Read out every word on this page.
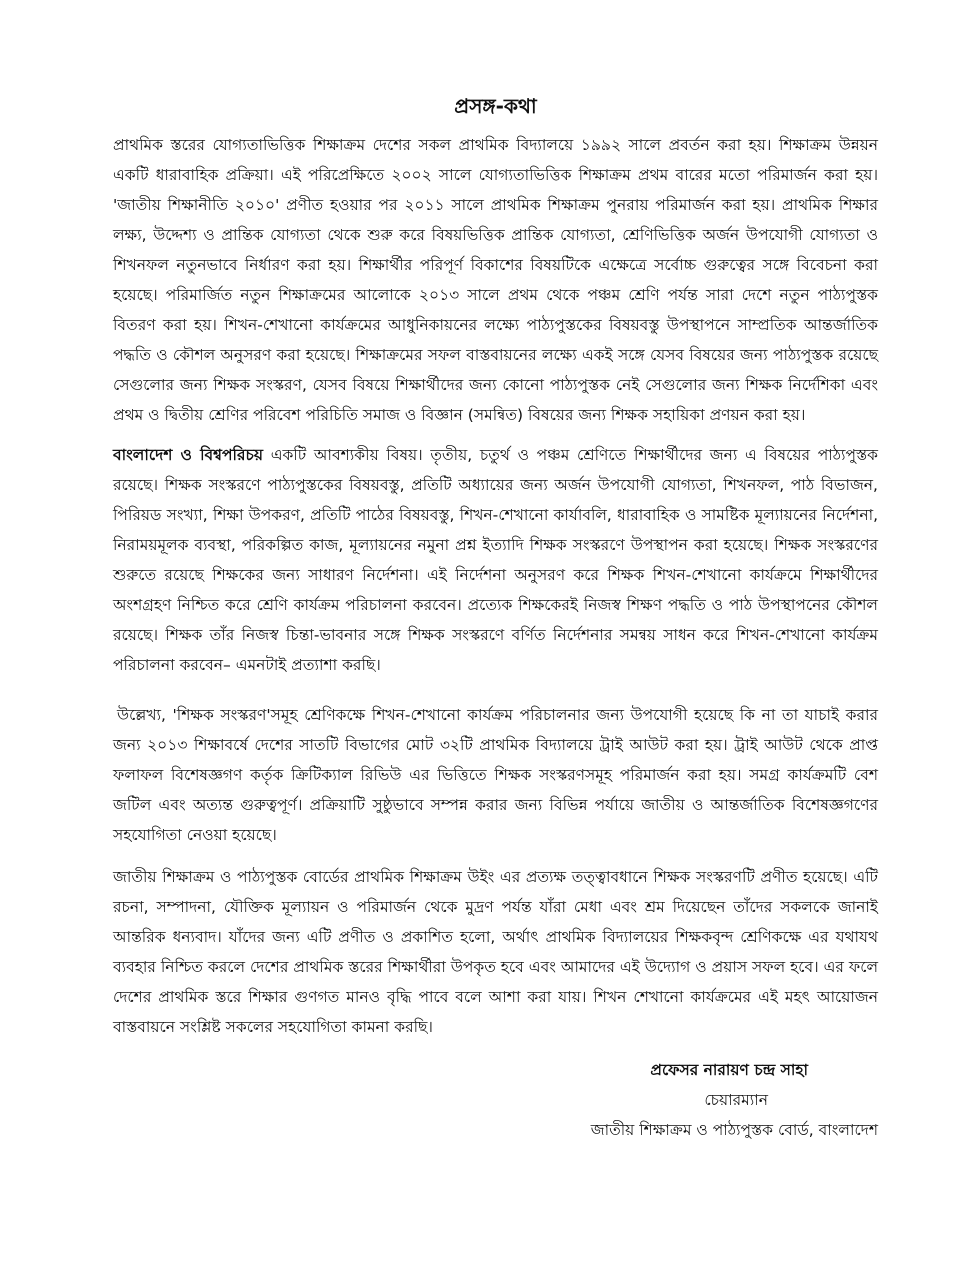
প্রসঙ্গ-কথা

প্রাথমিক স্তরের যোগ্যতাভিত্তিক শিক্ষাক্রম দেশের সকল প্রাথমিক বিদ্যালয়ে ১৯৯২ সালে প্রবর্তন করা হয়। শিক্ষাক্রম উন্নয়ন একটি ধারাবাহিক প্রক্রিয়া। এই পরিপ্রেক্ষিতে ২০০২ সালে যোগ্যতাভিত্তিক শিক্ষাক্রম প্রথম বারের মতো পরিমার্জন করা হয়। 'জাতীয় শিক্ষানীতি ২০১০' প্রণীত হওয়ার পর ২০১১ সালে প্রাথমিক শিক্ষাক্রম পুনরায় পরিমার্জন করা হয়। প্রাথমিক শিক্ষার লক্ষ্য, উদ্দেশ্য ও প্রান্তিক যোগ্যতা থেকে শুরু করে বিষয়ভিত্তিক প্রান্তিক যোগ্যতা, শ্রেণিভিত্তিক অর্জন উপযোগী যোগ্যতা ও শিখনফল নতুনভাবে নির্ধারণ করা হয়। শিক্ষার্থীর পরিপূর্ণ বিকাশের বিষয়টিকে এক্ষেত্রে সর্বোচ্চ গুরুত্বের সঙ্গে বিবেচনা করা হয়েছে। পরিমার্জিত নতুন শিক্ষাক্রমের আলোকে ২০১৩ সালে প্রথম থেকে পঞ্চম শ্রেণি পর্যন্ত সারা দেশে নতুন পাঠ্যপুস্তক বিতরণ করা হয়। শিখন-শেখানো কার্যক্রমের আধুনিকায়নের লক্ষ্যে পাঠ্যপুস্তকের বিষয়বস্তু উপস্থাপনে সাম্প্রতিক আন্তর্জাতিক পদ্ধতি ও কৌশল অনুসরণ করা হয়েছে। শিক্ষাক্রমের সফল বাস্তবায়নের লক্ষ্যে একই সঙ্গে যেসব বিষয়ের জন্য পাঠ্যপুস্তক রয়েছে সেগুলোর জন্য শিক্ষক সংস্করণ, যেসব বিষয়ে শিক্ষার্থীদের জন্য কোনো পাঠ্যপুস্তক নেই সেগুলোর জন্য শিক্ষক নির্দেশিকা এবং প্রথম ও দ্বিতীয় শ্রেণির পরিবেশ পরিচিতি সমাজ ও বিজ্ঞান (সমন্বিত) বিষয়ের জন্য শিক্ষক সহায়িকা প্রণয়ন করা হয়।

বাংলাদেশ ও বিশ্বপরিচয় একটি আবশ্যকীয় বিষয়। তৃতীয়, চতুর্থ ও পঞ্চম শ্রেণিতে শিক্ষার্থীদের জন্য এ বিষয়ের পাঠ্যপুস্তক রয়েছে। শিক্ষক সংস্করণে পাঠ্যপুস্তকের বিষয়বস্তু, প্রতিটি অধ্যায়ের জন্য অর্জন উপযোগী যোগ্যতা, শিখনফল, পাঠ বিভাজন, পিরিয়ড সংখ্যা, শিক্ষা উপকরণ, প্রতিটি পাঠের বিষয়বস্তু, শিখন-শেখানো কার্যাবলি, ধারাবাহিক ও সামষ্টিক মূল্যায়নের নির্দেশনা, নিরাময়মূলক ব্যবস্থা, পরিকল্পিত কাজ, মূল্যায়নের নমুনা প্রশ্ন ইত্যাদি শিক্ষক সংস্করণে উপস্থাপন করা হয়েছে। শিক্ষক সংস্করণের শুরুতে রয়েছে শিক্ষকের জন্য সাধারণ নির্দেশনা। এই নির্দেশনা অনুসরণ করে শিক্ষক শিখন-শেখানো কার্যক্রমে শিক্ষার্থীদের অংশগ্রহণ নিশ্চিত করে শ্রেণি কার্যক্রম পরিচালনা করবেন। প্রত্যেক শিক্ষকেরই নিজস্ব শিক্ষণ পদ্ধতি ও পাঠ উপস্থাপনের কৌশল রয়েছে। শিক্ষক তাঁর নিজস্ব চিন্তা-ভাবনার সঙ্গে শিক্ষক সংস্করণে বর্ণিত নির্দেশনার সমন্বয় সাধন করে শিখন-শেখানো কার্যক্রম পরিচালনা করবেন– এমনটাই প্রত্যাশা করছি।

উল্লেখ্য, 'শিক্ষক সংস্করণ'সমূহ শ্রেণিকক্ষে শিখন-শেখানো কার্যক্রম পরিচালনার জন্য উপযোগী হয়েছে কি না তা যাচাই করার জন্য ২০১৩ শিক্ষাবর্ষে দেশের সাতটি বিভাগের মোট ৩২টি প্রাথমিক বিদ্যালয়ে ট্রাই আউট করা হয়। ট্রাই আউট থেকে প্রাপ্ত ফলাফল বিশেষজ্ঞগণ কর্তৃক ক্রিটিক্যাল রিভিউ এর ভিত্তিতে শিক্ষক সংস্করণসমূহ পরিমার্জন করা হয়। সমগ্র কার্যক্রমটি বেশ জটিল এবং অত্যন্ত গুরুত্বপূর্ণ। প্রক্রিয়াটি সুষ্ঠুভাবে সম্পন্ন করার জন্য বিভিন্ন পর্যায়ে জাতীয় ও আন্তর্জাতিক বিশেষজ্ঞগণের সহযোগিতা নেওয়া হয়েছে।

জাতীয় শিক্ষাক্রম ও পাঠ্যপুস্তক বোর্ডের প্রাথমিক শিক্ষাক্রম উইং এর প্রত্যক্ষ তত্ত্বাবধানে শিক্ষক সংস্করণটি প্রণীত হয়েছে। এটি রচনা, সম্পাদনা, যৌক্তিক মূল্যায়ন ও পরিমার্জন থেকে মুদ্রণ পর্যন্ত যাঁরা মেধা এবং শ্রম দিয়েছেন তাঁদের সকলকে জানাই আন্তরিক ধন্যবাদ। যাঁদের জন্য এটি প্রণীত ও প্রকাশিত হলো, অর্থাৎ প্রাথমিক বিদ্যালয়ের শিক্ষকবৃন্দ শ্রেণিকক্ষে এর যথাযথ ব্যবহার নিশ্চিত করলে দেশের প্রাথমিক স্তরের শিক্ষার্থীরা উপকৃত হবে এবং আমাদের এই উদ্যোগ ও প্রয়াস সফল হবে। এর ফলে দেশের প্রাথমিক স্তরে শিক্ষার গুণগত মানও বৃদ্ধি পাবে বলে আশা করা যায়। শিখন শেখানো কার্যক্রমের এই মহৎ আয়োজন বাস্তবায়নে সংশ্লিষ্ট সকলের সহযোগিতা কামনা করছি।

প্রফেসর নারায়ণ চন্দ্র সাহা
চেয়ারম্যান
জাতীয় শিক্ষাক্রম ও পাঠ্যপুস্তক বোর্ড, বাংলাদেশ
